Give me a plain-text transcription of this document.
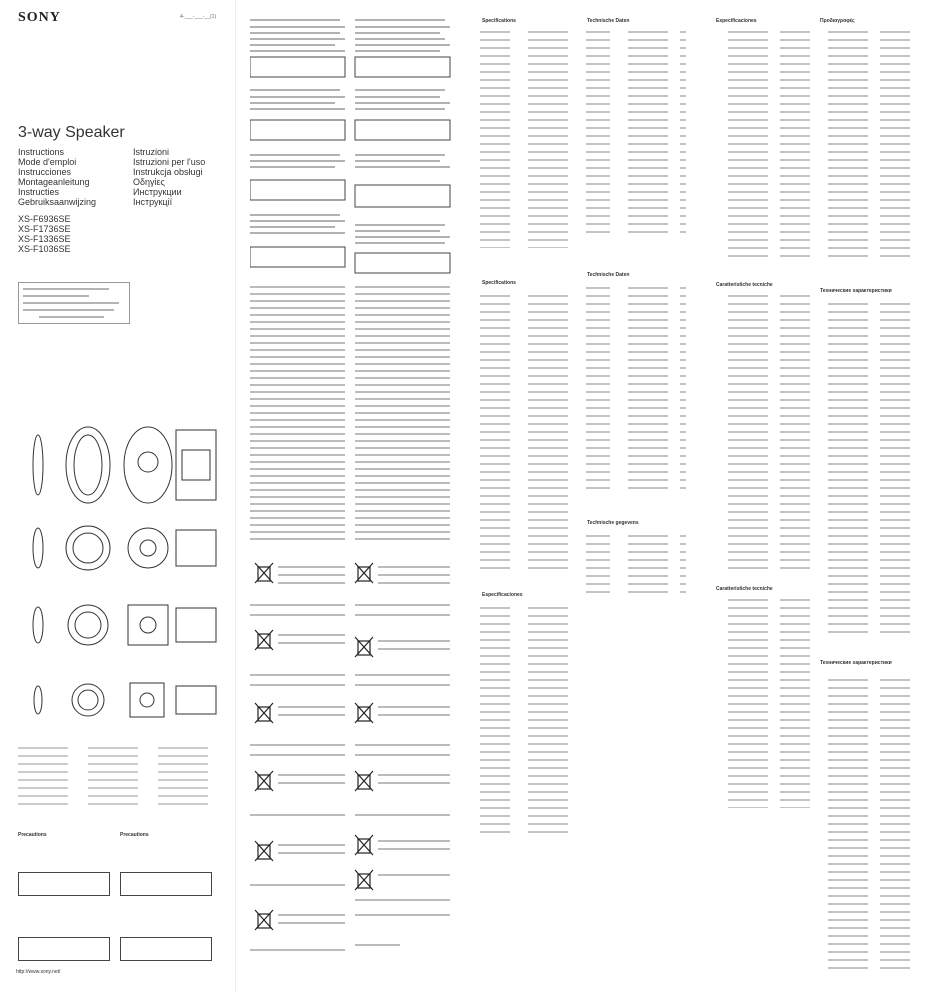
SONY	4-___-___-__(1)
3-way Speaker
Instructions
Mode d'emploi
Instrucciones
Montageanleitung
Instructies
Gebruiksaanwijzing
Istruzioni
Istruzioni per l'uso
Instrukcja obsługi
Οδηγίες
Инструкции
Інструкції
XS-F6936SE
XS-F1736SE
XS-F1336SE
XS-F1036SE
Precautions	Precautions
http://www.sony.net/
Specifications	Technische Daten	Especificaciones	Προδιαγραφές
Specifications
Technische Daten
Caratteristiche tecniche
Технические характеристики
Technische gegevens
Especificaciones
Caratteristiche tecniche
Технические характеристики
